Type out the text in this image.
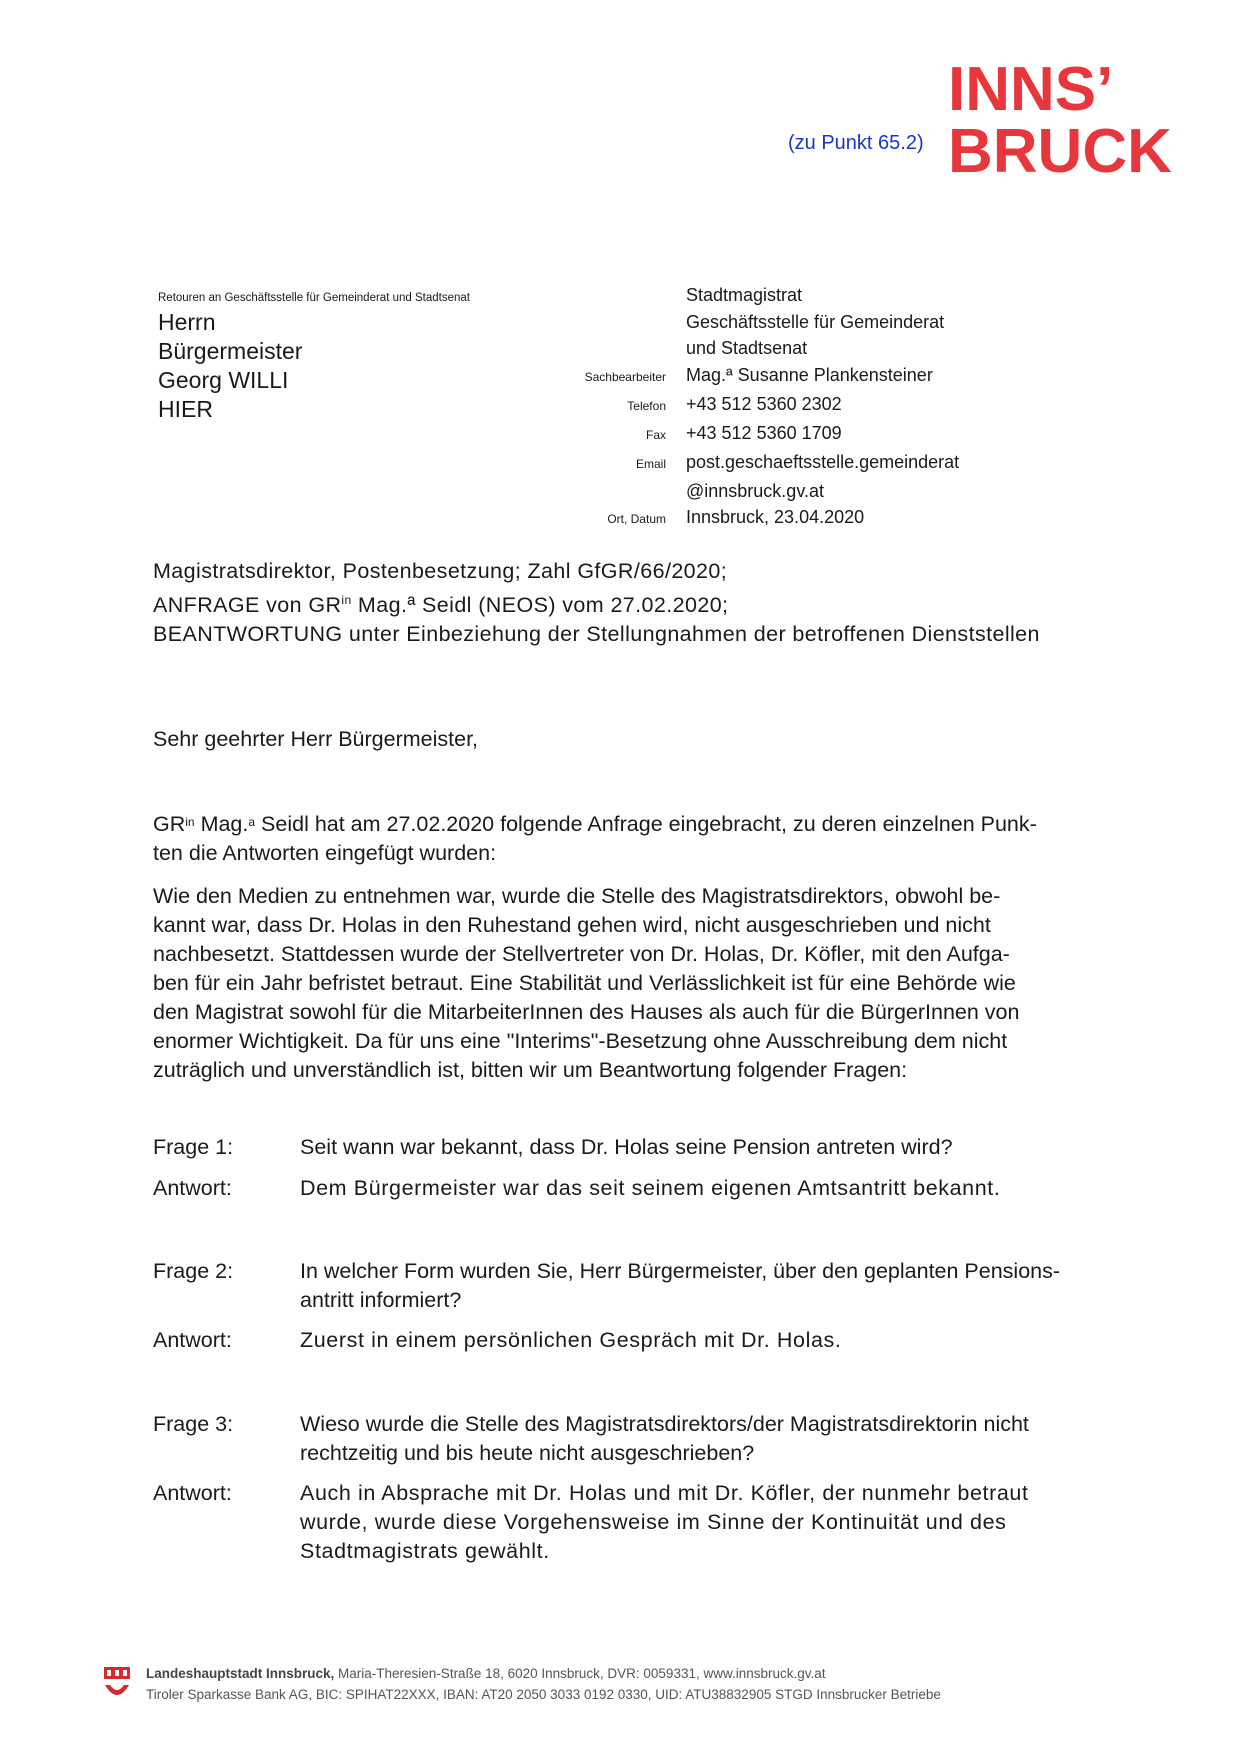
(zu Punkt 65.2)
INNS’
BRUCK
Retouren an Geschäftsstelle für Gemeinderat und Stadtsenat
Herrn
Bürgermeister
Georg WILLI
HIER
Stadtmagistrat
Geschäftsstelle für Gemeinderat
und Stadtsenat
Sachbearbeiter	Mag.ª Susanne Plankensteiner
Telefon	+43 512 5360 2302
Fax	+43 512 5360 1709
Email	post.geschaeftsstelle.gemeinderat
@innsbruck.gv.at
Ort, Datum	Innsbruck, 23.04.2020
Magistratsdirektor, Postenbesetzung; Zahl GfGR/66/2020;
ANFRAGE von $GR^{in}$ Mag.ª Seidl (NEOS) vom 27.02.2020;
BEANTWORTUNG unter Einbeziehung der Stellungnahmen der betroffenen Dienststellen
Sehr geehrter Herr Bürgermeister,
$GR^{in}$ Mag.$^a$ Seidl hat am 27.02.2020 folgende Anfrage eingebracht, zu deren einzelnen Punk-
ten die Antworten eingefügt wurden:
Wie den Medien zu entnehmen war, wurde die Stelle des Magistratsdirektors, obwohl be-
kannt war, dass Dr. Holas in den Ruhestand gehen wird, nicht ausgeschrieben und nicht
nachbesetzt. Stattdessen wurde der Stellvertreter von Dr. Holas, Dr. Köfler, mit den Aufga-
ben für ein Jahr befristet betraut. Eine Stabilität und Verlässlichkeit ist für eine Behörde wie
den Magistrat sowohl für die MitarbeiterInnen des Hauses als auch für die BürgerInnen von
enormer Wichtigkeit. Da für uns eine "Interims"-Besetzung ohne Ausschreibung dem nicht
zuträglich und unverständlich ist, bitten wir um Beantwortung folgender Fragen:
Frage 1:	Seit wann war bekannt, dass Dr. Holas seine Pension antreten wird?
Antwort:	Dem Bürgermeister war das seit seinem eigenen Amtsantritt bekannt.
Frage 2:	In welcher Form wurden Sie, Herr Bürgermeister, über den geplanten Pensions-
antritt informiert?
Antwort:	Zuerst in einem persönlichen Gespräch mit Dr. Holas.
Frage 3:	Wieso wurde die Stelle des Magistratsdirektors/der Magistratsdirektorin nicht
rechtzeitig und bis heute nicht ausgeschrieben?
Antwort:	Auch in Absprache mit Dr. Holas und mit Dr. Köfler, der nunmehr betraut
wurde, wurde diese Vorgehensweise im Sinne der Kontinuität und des
Stadtmagistrats gewählt.
Landeshauptstadt Innsbruck, Maria-Theresien-Straße 18, 6020 Innsbruck, DVR: 0059331, www.innsbruck.gv.at
Tiroler Sparkasse Bank AG, BIC: SPIHAT22XXX, IBAN: AT20 2050 3033 0192 0330, UID: ATU38832905 STGD Innsbrucker Betriebe
